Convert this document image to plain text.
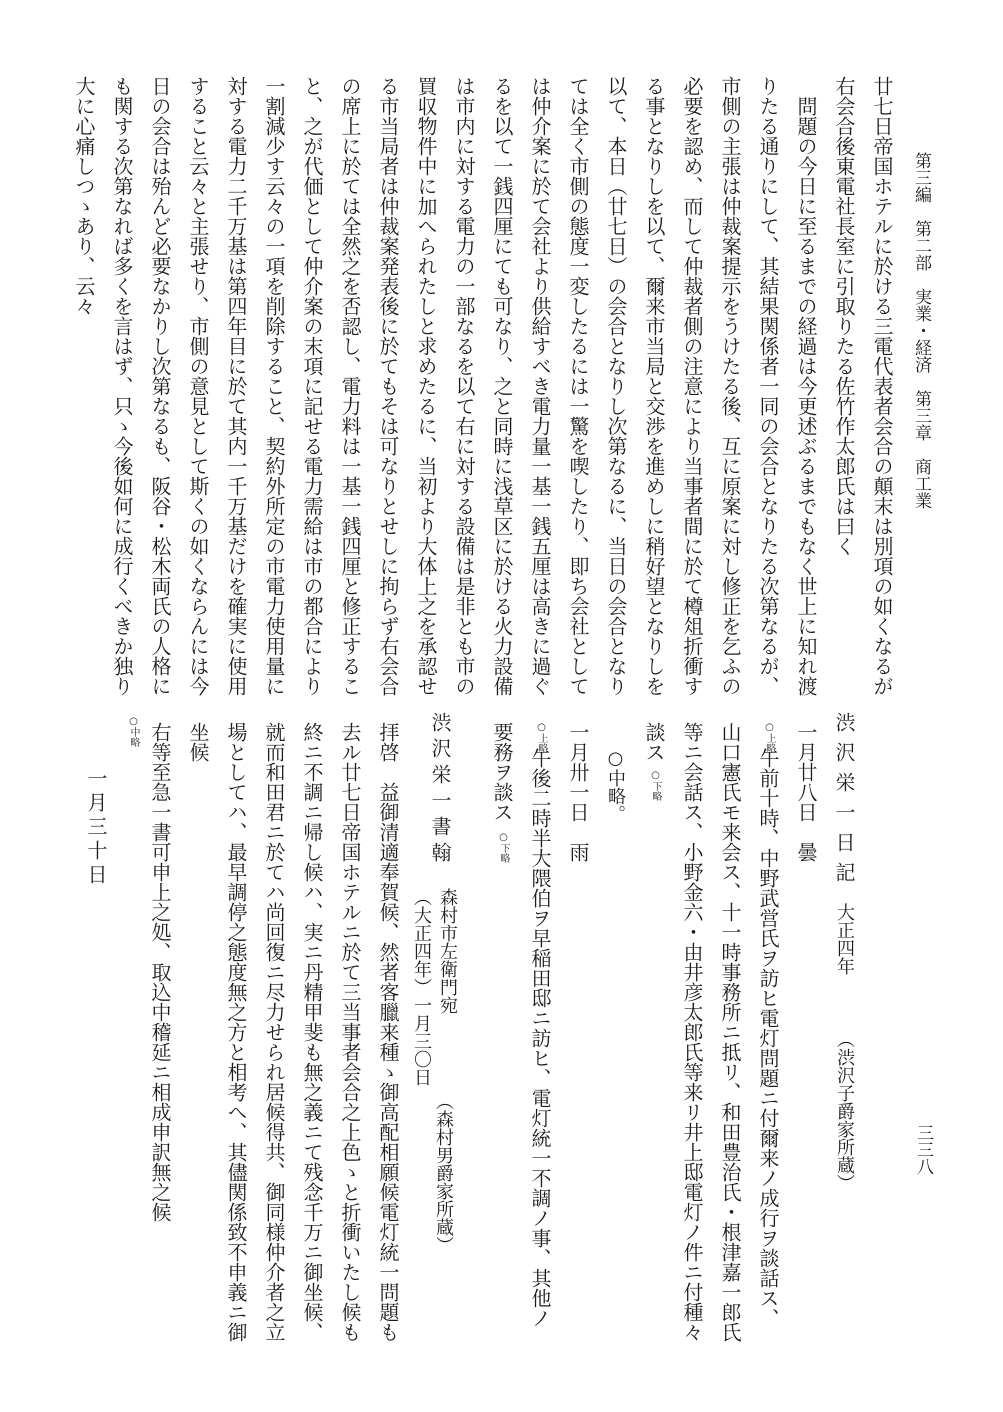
第三編　第二部　実業・経済　第三章　商工業
三三八
廿七日帝国ホテルに於ける三電代表者会合の顛末は別項の如くなるが
右会合後東電社長室に引取りたる佐竹作太郎氏は曰く
問題の今日に至るまでの経過は今更述ぶるまでもなく世上に知れ渡
りたる通りにして、其結果関係者一同の会合となりたる次第なるが、
市側の主張は仲裁案提示をうけたる後、互に原案に対し修正を乞ふの
必要を認め、而して仲裁者側の注意により当事者間に於て樽俎折衝す
る事となりしを以て、爾来市当局と交渉を進めしに稍好望となりしを
以て、本日（廿七日）の会合となりし次第なるに、当日の会合となり
ては全く市側の態度一変したるには一驚を喫したり、即ち会社として
は仲介案に於て会社より供給すべき電力量一基一銭五厘は高きに過ぐ
るを以て一銭四厘にても可なり、之と同時に浅草区に於ける火力設備
は市内に対する電力の一部なるを以て右に対する設備は是非とも市の
買収物件中に加へられたしと求めたるに、当初より大体上之を承認せ
る市当局者は仲裁案発表後に於てもそは可なりとせしに拘らず右会合
の席上に於ては全然之を否認し、電力料は一基一銭四厘と修正するこ
と、之が代価として仲介案の末項に記せる電力需給は市の都合により
一割減少す云々の一項を削除すること、契約外所定の市電力使用量に
対する電力二千万基は第四年目に於て其内一千万基だけを確実に使用
すること云々と主張せり、市側の意見として斯くの如くならんには今
日の会合は殆んど必要なかりし次第なるも、阪谷・松木両氏の人格に
も関する次第なれば多くを言はず、只ゝ今後如何に成行くべきか独り
大に心痛しつゝあり、云々
渋沢栄一日記
大正四年
（渋沢子爵家所蔵）
一月廿八日　曇
○上略
午前十時、中野武営氏ヲ訪ヒ電灯問題ニ付爾来ノ成行ヲ談話ス、
山口憲氏モ来会ス、十一時事務所ニ抵リ、和田豊治氏・根津嘉一郎氏
等ニ会話ス、小野金六・由井彦太郎氏等来リ井上邸電灯ノ件ニ付種々
談ス
○下略
○中略。
一月卅一日　雨
○上略
午後二時半大隈伯ヲ早稲田邸ニ訪ヒ、電灯統一不調ノ事、其他ノ
要務ヲ談ス
○下略
渋沢栄一書翰
森村市左衛門宛
（大正四年）一月三〇日
（森村男爵家所蔵）
拝啓　益御清適奉賀候、然者客臘来種ゝ御高配相願候電灯統一問題も
去ル廿七日帝国ホテルニ於て三当事者会合之上色ゝと折衝いたし候も
終ニ不調ニ帰し候ハ、実ニ丹精甲斐も無之義ニて残念千万ニ御坐候、
就而和田君ニ於てハ尚回復ニ尽力せられ居候得共、御同様仲介者之立
場としてハ、最早調停之態度無之方と相考へ、其儘関係致不申義ニ御
坐候
右等至急一書可申上之処、取込中稽延ニ相成申訳無之候
○中略
一月三十日
